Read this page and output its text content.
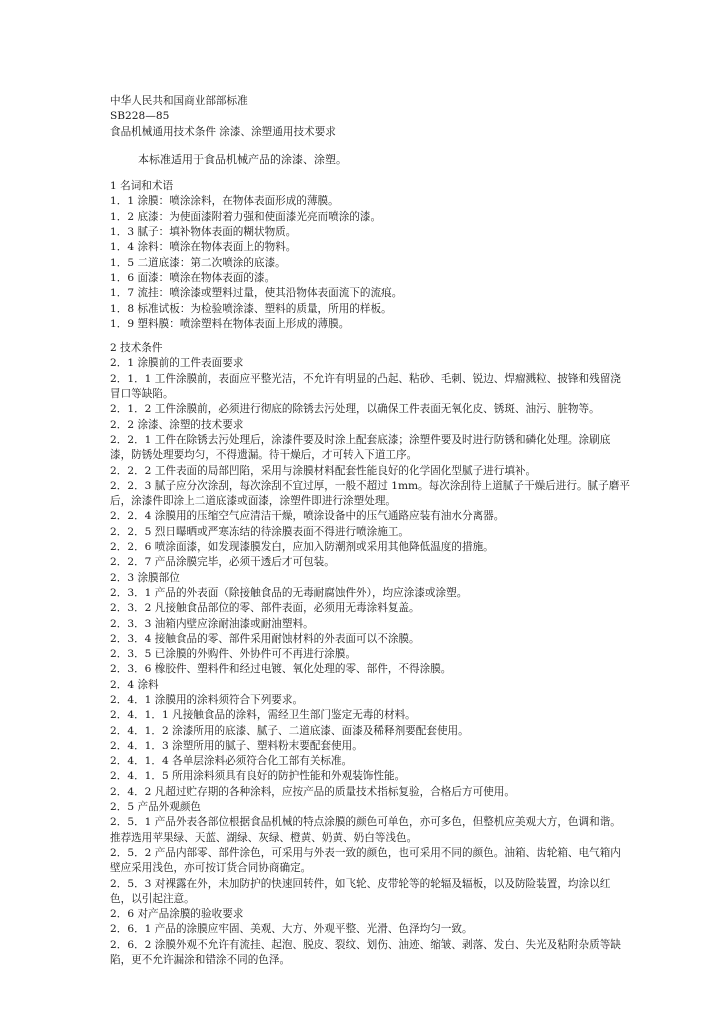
中华人民共和国商业部部标准
SB228—85
食品机械通用技术条件 涂漆、涂塑通用技术要求
本标准适用于食品机械产品的涂漆、涂塑。
1 名词和术语
1．1 涂膜：喷涂涂料，在物体表面形成的薄膜。
1．2 底漆：为使面漆附着力强和使面漆光亮而喷涂的漆。
1．3 腻子：填补物体表面的糊状物质。
1．4 涂料：喷涂在物体表面上的物料。
1．5 二道底漆：第二次喷涂的底漆。
1．6 面漆：喷涂在物体表面的漆。
1．7 流挂：喷涂漆或塑料过量，使其沿物体表面流下的流痕。
1．8 标准试板：为检验喷涂漆、塑料的质量，所用的样板。
1．9 塑料膜：喷涂塑料在物体表面上形成的薄膜。
2 技术条件
2．1 涂膜前的工件表面要求
2．1．1 工件涂膜前，表面应平整光洁，不允许有明显的凸起、粘砂、毛刺、锐边、焊瘤溅粒、披锋和残留浇冒口等缺陷。
2．1．2 工件涂膜前，必须进行彻底的除锈去污处理，以确保工件表面无氧化皮、锈斑、油污、脏物等。
2．2 涂漆、涂塑的技术要求
2．2．1 工件在除锈去污处理后，涂漆件要及时涂上配套底漆；涂塑件要及时进行防锈和磷化处理。涂刷底漆，防锈处理要均匀，不得遗漏。待干燥后，才可转入下道工序。
2．2．2 工件表面的局部凹陷，采用与涂膜材料配套性能良好的化学固化型腻子进行填补。
2．2．3 腻子应分次涂刮，每次涂刮不宜过厚，一般不超过 1mm。每次涂刮待上道腻子干燥后进行。腻子磨平后，涂漆件即涂上二道底漆或面漆，涂塑件即进行涂塑处理。
2．2．4 涂膜用的压缩空气应清洁干燥，喷涂设备中的压气通路应装有油水分离器。
2．2．5 烈日曝晒或严寒冻结的待涂膜表面不得进行喷涂施工。
2．2．6 喷涂面漆，如发现漆膜发白，应加入防潮剂或采用其他降低温度的措施。
2．2．7 产品涂膜完毕，必须干透后才可包装。
2．3 涂膜部位
2．3．1 产品的外表面（除接触食品的无毒耐腐蚀件外），均应涂漆或涂塑。
2．3．2 凡接触食品部位的零、部件表面，必须用无毒涂料复盖。
2．3．3 油箱内壁应涂耐油漆或耐油塑料。
2．3．4 接触食品的零、部件采用耐蚀材料的外表面可以不涂膜。
2．3．5 已涂膜的外购件、外协件可不再进行涂膜。
2．3．6 橡胶件、塑料件和经过电镀、氧化处理的零、部件，不得涂膜。
2．4 涂料
2．4．1 涂膜用的涂料须符合下列要求。
2．4．1．1 凡接触食品的涂料，需经卫生部门鉴定无毒的材料。
2．4．1．2 涂漆所用的底漆、腻子、二道底漆、面漆及稀释剂要配套使用。
2．4．1．3 涂塑所用的腻子、塑料粉末要配套使用。
2．4．1．4 各单层涂料必须符合化工部有关标准。
2．4．1．5 所用涂料须具有良好的防护性能和外观装饰性能。
2．4．2 凡超过贮存期的各种涂料，应按产品的质量技术指标复验，合格后方可使用。
2．5 产品外观颜色
2．5．1 产品外表各部位根据食品机械的特点涂膜的颜色可单色，亦可多色，但整机应美观大方，色调和谐。推荐选用苹果绿、天蓝、湖绿、灰绿、橙黄、奶黄、奶白等浅色。
2．5．2 产品内部零、部件涂色，可采用与外表一致的颜色，也可采用不同的颜色。油箱、齿轮箱、电气箱内壁应采用浅色，亦可按订货合同协商确定。
2．5．3 对裸露在外，未加防护的快速回转件，如飞轮、皮带轮等的轮辐及辐板，以及防险装置，均涂以红色，以引起注意。
2．6 对产品涂膜的验收要求
2．6．1 产品的涂膜应牢固、美观、大方、外观平整、光滑、色泽均匀一致。
2．6．2 涂膜外观不允许有流挂、起泡、脱皮、裂纹、划伤、油迹、缩皱、剥落、发白、失光及粘附杂质等缺陷，更不允许漏涂和错涂不同的色泽。
